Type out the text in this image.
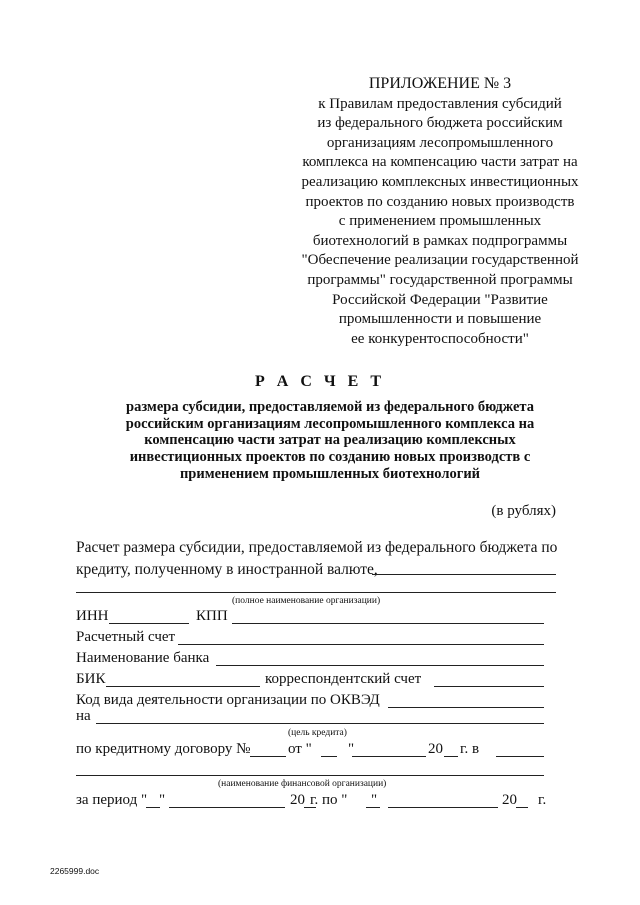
ПРИЛОЖЕНИЕ № 3
к Правилам предоставления субсидий
из федерального бюджета российским
организациям лесопромышленного
комплекса на компенсацию части затрат на
реализацию комплексных инвестиционных
проектов по созданию новых производств
с применением промышленных
биотехнологий в рамках подпрограммы
"Обеспечение реализации государственной
программы" государственной программы
Российской Федерации "Развитие
промышленности и повышение
ее конкурентоспособности"
Р А С Ч Е Т
размера субсидии, предоставляемой из федерального бюджета
российским организациям лесопромышленного комплекса на
компенсацию части затрат на реализацию комплексных
инвестиционных проектов по созданию новых производств с
применением промышленных биотехнологий
(в рублях)
Расчет размера субсидии, предоставляемой из федерального бюджета по
кредиту, полученному в иностранной валюте,
(полное наименование организации)
ИНН	КПП
Расчетный счет
Наименование банка
БИК	корреспондентский счет
Код вида деятельности организации по ОКВЭД
на
(цель кредита)
по кредитному договору №	от " "	20 г. в
(наименование финансовой организации)
за период " "	20 г. по " "	20 г.
2265999.doc
